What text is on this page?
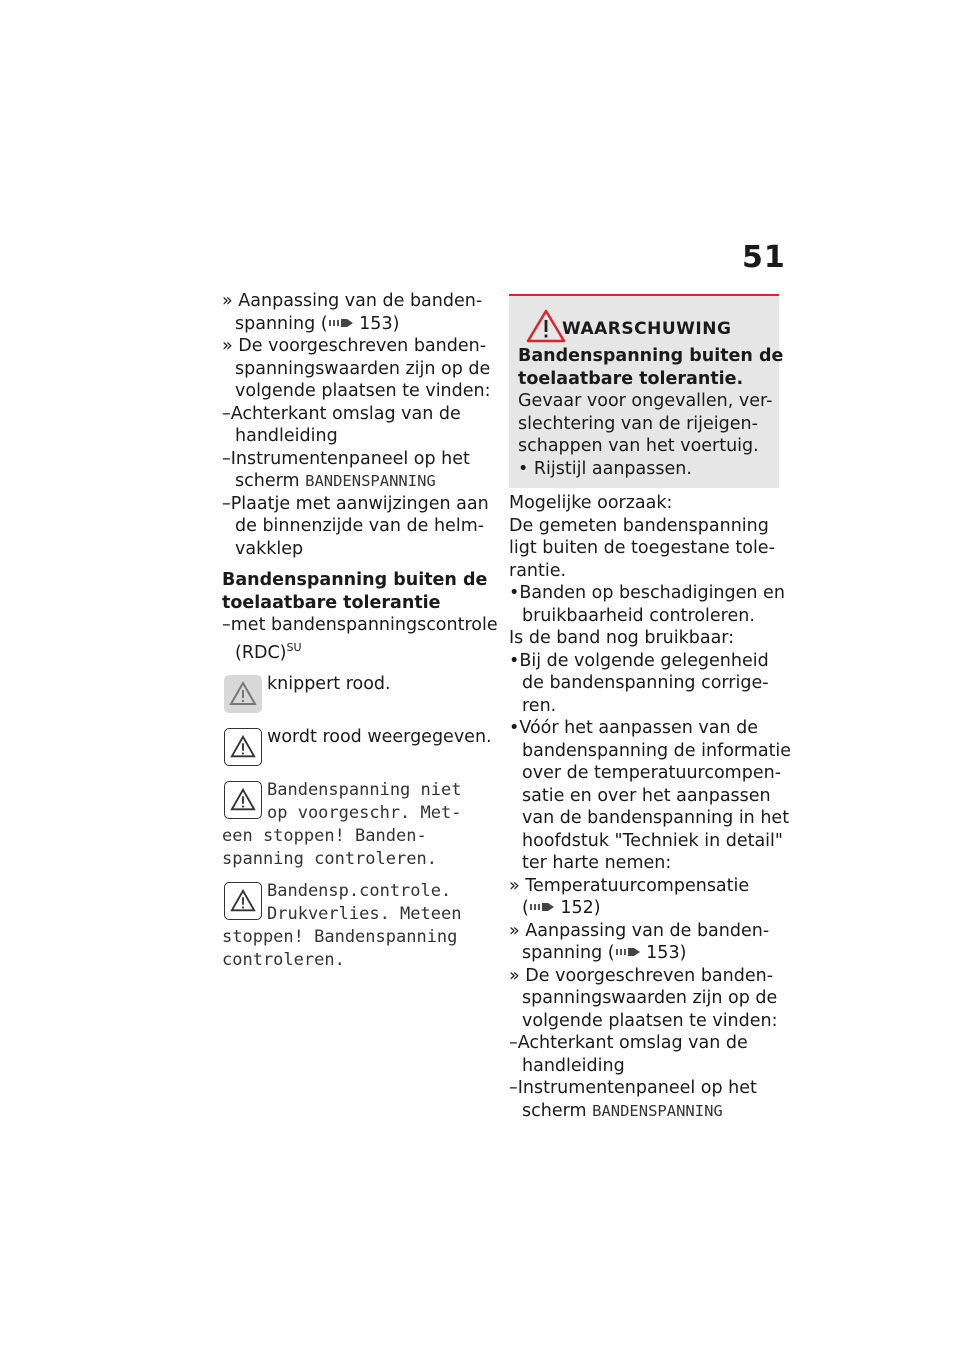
51
» Aanpassing van de banden-
spanning ( 153)
» De voorgeschreven banden-
spanningswaarden zijn op de
volgende plaatsen te vinden:
–Achterkant omslag van de
handleiding
–Instrumentenpaneel op het
scherm BANDENSPANNING
–Plaatje met aanwijzingen aan
de binnenzijde van de helm-
vakklep
Bandenspanning buiten de
toelaatbare tolerantie
–met bandenspanningscontrole
(RDC)$^{SU}$
knippert rood.
wordt rood weergegeven.
Bandenspanning niet
op voorgeschr. Met-
een stoppen! Banden-
spanning controleren.
Bandensp.controle.
Drukverlies. Meteen
stoppen! Bandenspanning
controleren.
WAARSCHUWING
Bandenspanning buiten de
toelaatbare tolerantie.
Gevaar voor ongevallen, ver-
slechtering van de rijeigen-
schappen van het voertuig.
• Rijstijl aanpassen.
Mogelijke oorzaak:
De gemeten bandenspanning
ligt buiten de toegestane tole-
rantie.
•Banden op beschadigingen en
bruikbaarheid controleren.
Is de band nog bruikbaar:
•Bij de volgende gelegenheid
de bandenspanning corrige-
ren.
•Vóór het aanpassen van de
bandenspanning de informatie
over de temperatuurcompen-
satie en over het aanpassen
van de bandenspanning in het
hoofdstuk "Techniek in detail"
ter harte nemen:
» Temperatuurcompensatie
( 152)
» Aanpassing van de banden-
spanning ( 153)
» De voorgeschreven banden-
spanningswaarden zijn op de
volgende plaatsen te vinden:
–Achterkant omslag van de
handleiding
–Instrumentenpaneel op het
scherm BANDENSPANNING
